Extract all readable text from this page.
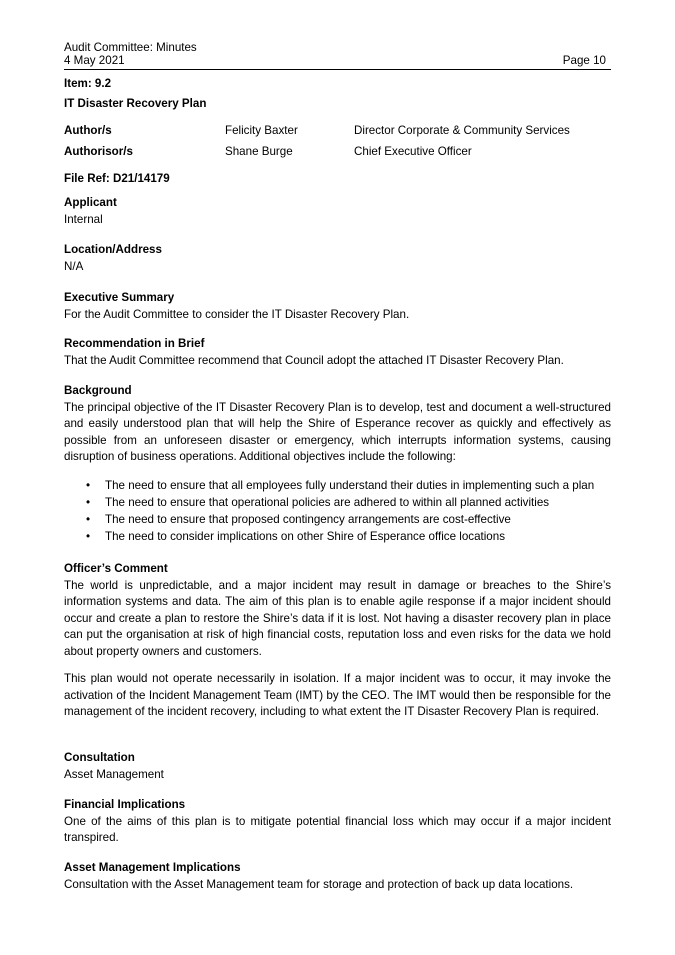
Audit Committee: Minutes
4 May 2021	Page 10
Item: 9.2
IT Disaster Recovery Plan
Author/s	Felicity Baxter	Director Corporate & Community Services
Authorisor/s	Shane Burge	Chief Executive Officer
File Ref: D21/14179

Applicant

Internal

Location/Address

N/A

Executive Summary

For the Audit Committee to consider the IT Disaster Recovery Plan.

Recommendation in Brief

That the Audit Committee recommend that Council adopt the attached IT Disaster Recovery Plan.

Background

The principal objective of the IT Disaster Recovery Plan is to develop, test and document a well-structured and easily understood plan that will help the Shire of Esperance recover as quickly and effectively as possible from an unforeseen disaster or emergency, which interrupts information systems, causing disruption of business operations. Additional objectives include the following:

• The need to ensure that all employees fully understand their duties in implementing such a plan
• The need to ensure that operational policies are adhered to within all planned activities
• The need to ensure that proposed contingency arrangements are cost-effective
• The need to consider implications on other Shire of Esperance office locations

Officer’s Comment

The world is unpredictable, and a major incident may result in damage or breaches to the Shire’s information systems and data. The aim of this plan is to enable agile response if a major incident should occur and create a plan to restore the Shire’s data if it is lost. Not having a disaster recovery plan in place can put the organisation at risk of high financial costs, reputation loss and even risks for the data we hold about property owners and customers.

This plan would not operate necessarily in isolation. If a major incident was to occur, it may invoke the activation of the Incident Management Team (IMT) by the CEO. The IMT would then be responsible for the management of the incident recovery, including to what extent the IT Disaster Recovery Plan is required.

Consultation

Asset Management

Financial Implications

One of the aims of this plan is to mitigate potential financial loss which may occur if a major incident transpired.

Asset Management Implications

Consultation with the Asset Management team for storage and protection of back up data locations.
